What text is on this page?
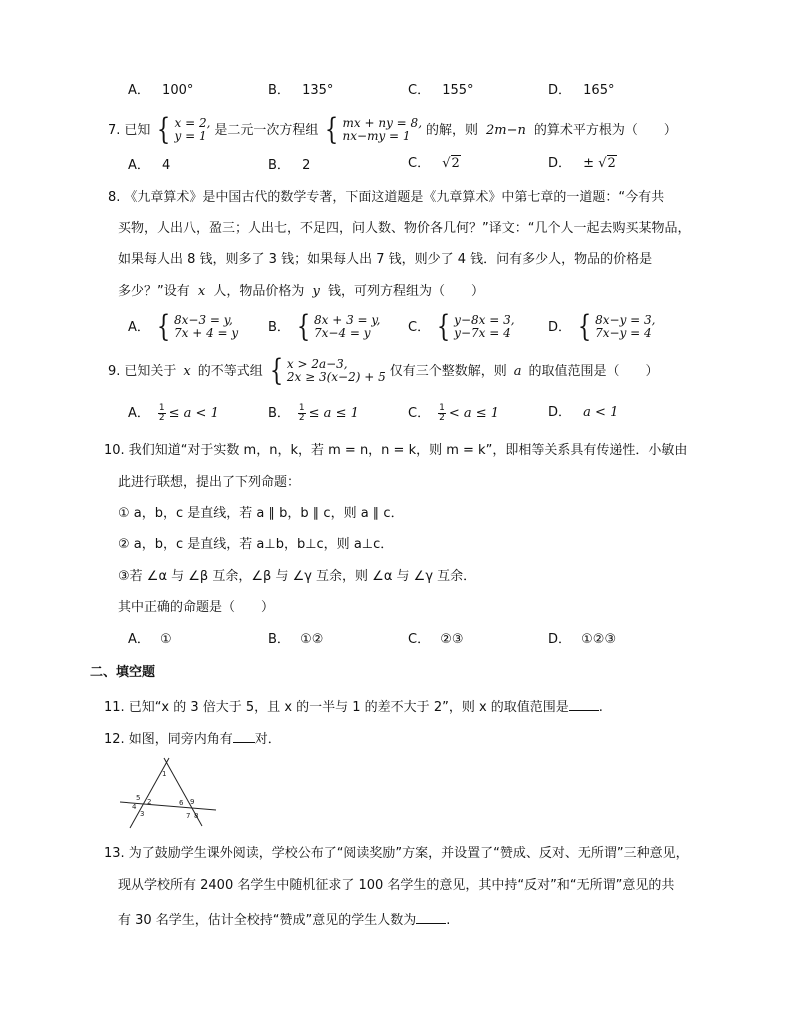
A． 100°	B． 135°	C． 155°	D． 165°
7. 已知 { x = 2,
y = 1 是二元一次方程组 { mx + ny = 8,
nx−my = 1	的解，则 2m−n 的算术平方根为（　　）
A． 4	B． 2	C． √2	D． ± √2
8. 《九章算术》是中国古代的数学专著，下面这道题是《九章算术》中第七章的一道题：“今有共
买物，人出八，盈三；人出七，不足四，问人数、物价各几何？”译文：“几个人一起去购买某物品，
如果每人出 8 钱，则多了 3 钱；如果每人出 7 钱，则少了 4 钱．问有多少人，物品的价格是
多少？”设有 x 人，物品价格为 y 钱，可列方程组为（　　）
A． { 8x−3 = y,
7x + 4 = y B． { 8x + 3 = y,
7x−4 = y	C． { y−8x = 3,
y−7x = 4	D． { 8x−y = 3,
7x−y = 4
9. 已知关于 x 的不等式组 { x > 2a−3,
2x ≥ 3(x−2) + 5 仅有三个整数解，则 a 的取值范围是（　　）
A． $\frac{1}{2} \le a < 1$	B． $\frac{1}{2} \le a \le 1$	C． $\frac{1}{2} < a \le 1$	D． a < 1
10. 我们知道“对于实数 m，n，k，若 m = n，n = k，则 m = k”，即相等关系具有传递性．小敏由
此进行联想，提出了下列命题：
① a，b，c 是直线，若 a ∥ b，b ∥ c，则 a ∥ c．
② a，b，c 是直线，若 a⊥b，b⊥c，则 a⊥c．
③若 ∠α 与 ∠β 互余，∠β 与 ∠γ 互余，则 ∠α 与 ∠γ 互余．
其中正确的命题是（　　）
A． ①	B． ①②	C． ②③	D． ①②③
二、填空题
11. 已知“x 的 3 倍大于 5，且 x 的一半与 1 的差不大于 2”，则 x 的取值范围是 .
12. 如图，同旁内角有 对．
1
2
3
4
5
6
7 8
9
13. 为了鼓励学生课外阅读，学校公布了“阅读奖励”方案，并设置了“赞成、反对、无所谓”三种意见，
现从学校所有 2400 名学生中随机征求了 100 名学生的意见，其中持“反对”和“无所谓”意见的共
有 30 名学生，估计全校持“赞成”意见的学生人数为 .
